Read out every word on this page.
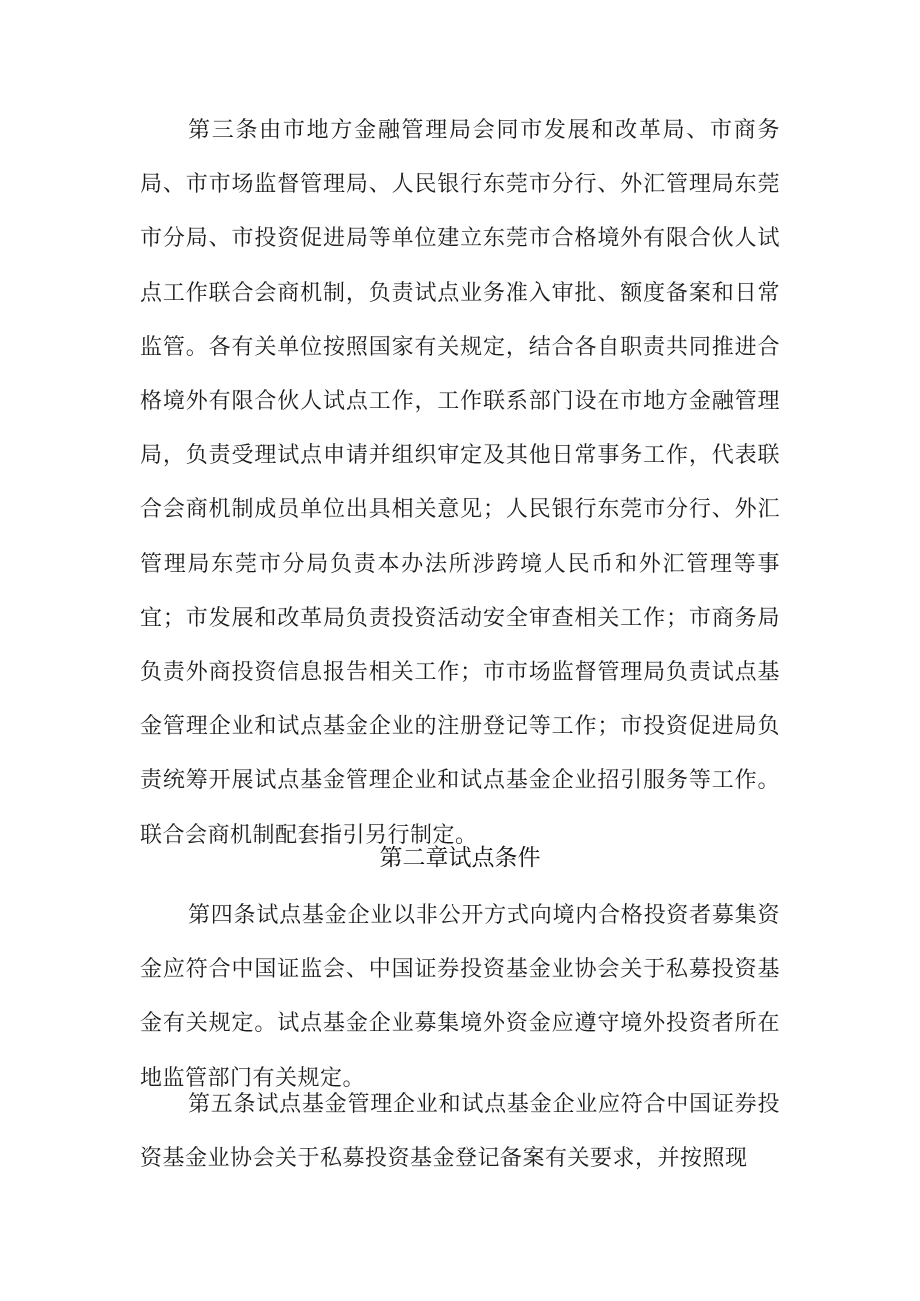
第三条由市地方金融管理局会同市发展和改革局、市商务局、市市场监督管理局、人民银行东莞市分行、外汇管理局东莞市分局、市投资促进局等单位建立东莞市合格境外有限合伙人试点工作联合会商机制，负责试点业务准入审批、额度备案和日常监管。各有关单位按照国家有关规定，结合各自职责共同推进合格境外有限合伙人试点工作，工作联系部门设在市地方金融管理局，负责受理试点申请并组织审定及其他日常事务工作，代表联合会商机制成员单位出具相关意见；人民银行东莞市分行、外汇管理局东莞市分局负责本办法所涉跨境人民币和外汇管理等事宜；市发展和改革局负责投资活动安全审查相关工作；市商务局负责外商投资信息报告相关工作；市市场监督管理局负责试点基金管理企业和试点基金企业的注册登记等工作；市投资促进局负责统筹开展试点基金管理企业和试点基金企业招引服务等工作。联合会商机制配套指引另行制定。

第二章试点条件

第四条试点基金企业以非公开方式向境内合格投资者募集资金应符合中国证监会、中国证券投资基金业协会关于私募投资基金有关规定。试点基金企业募集境外资金应遵守境外投资者所在地监管部门有关规定。

第五条试点基金管理企业和试点基金企业应符合中国证券投资基金业协会关于私募投资基金登记备案有关要求，并按照现
